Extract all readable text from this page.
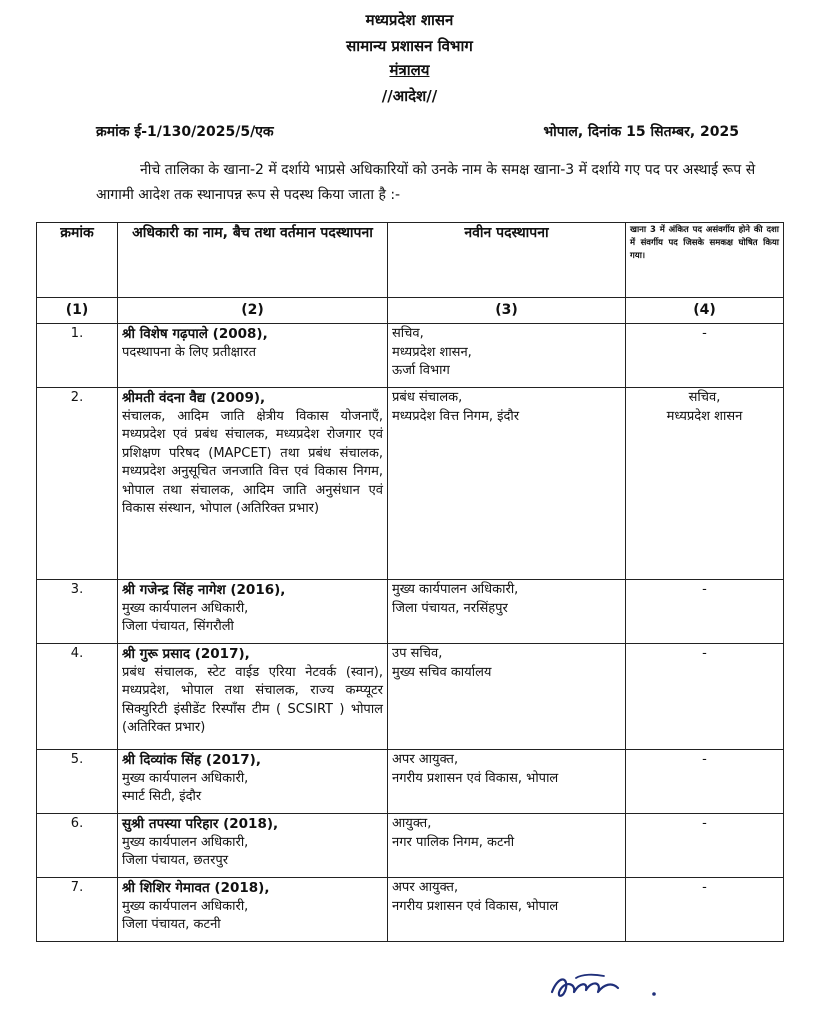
मध्यप्रदेश शासन
सामान्य प्रशासन विभाग
मंत्रालय
//आदेश//
क्रमांक ई-1/130/2025/5/एक	भोपाल, दिनांक 15 सितम्बर, 2025
नीचे तालिका के खाना-2 में दर्शाये भाप्रसे अधिकारियों को उनके नाम के समक्ष खाना-3 में दर्शाये गए पद पर अस्थाई रूप से आगामी आदेश तक स्थानापन्न रूप से पदस्थ किया जाता है :-
क्रमांक	अधिकारी का नाम, बैच तथा वर्तमान पदस्थापना	नवीन पदस्थापना	खाना 3 में अंकित पद असंवर्गीय होने की दशा में संवर्गीय पद जिसके समकक्ष घोषित किया गया।
(1)	(2)	(3)	(4)
1.	श्री विशेष गढ़पाले (2008),
पदस्थापना के लिए प्रतीक्षारत	सचिव,
मध्यप्रदेश शासन,
ऊर्जा विभाग	-

2.	श्रीमती वंदना वैद्य (2009),
संचालक, आदिम जाति क्षेत्रीय विकास योजनाएँ, मध्यप्रदेश एवं प्रबंध संचालक, मध्यप्रदेश रोजगार एवं प्रशिक्षण परिषद (MAPCET) तथा प्रबंध संचालक, मध्यप्रदेश अनुसूचित जनजाति वित्त एवं विकास निगम, भोपाल तथा संचालक, आदिम जाति अनुसंधान एवं विकास संस्थान, भोपाल (अतिरिक्त प्रभार)	प्रबंध संचालक,
मध्यप्रदेश वित्त निगम, इंदौर	सचिव,
मध्यप्रदेश शासन

3.	श्री गजेन्द्र सिंह नागेश (2016),
मुख्य कार्यपालन अधिकारी,
जिला पंचायत, सिंगरौली	मुख्य कार्यपालन अधिकारी,
जिला पंचायत, नरसिंहपुर	-

4.	श्री गुरू प्रसाद (2017),
प्रबंध संचालक, स्टेट वाईड एरिया नेटवर्क (स्वान), मध्यप्रदेश, भोपाल तथा संचालक, राज्य कम्प्यूटर सिक्युरिटी इंसीडेंट रिस्पॉंस टीम ( SCSIRT ) भोपाल (अतिरिक्त प्रभार)	उप सचिव,
मुख्य सचिव कार्यालय	-

5.	श्री दिव्यांक सिंह (2017),
मुख्य कार्यपालन अधिकारी,
स्मार्ट सिटी, इंदौर	अपर आयुक्त,
नगरीय प्रशासन एवं विकास, भोपाल	-

6.	सुश्री तपस्या परिहार (2018),
मुख्य कार्यपालन अधिकारी,
जिला पंचायत, छतरपुर	आयुक्त,
नगर पालिक निगम, कटनी	-

7.	श्री शिशिर गेमावत (2018),
मुख्य कार्यपालन अधिकारी,
जिला पंचायत, कटनी	अपर आयुक्त,
नगरीय प्रशासन एवं विकास, भोपाल	-
